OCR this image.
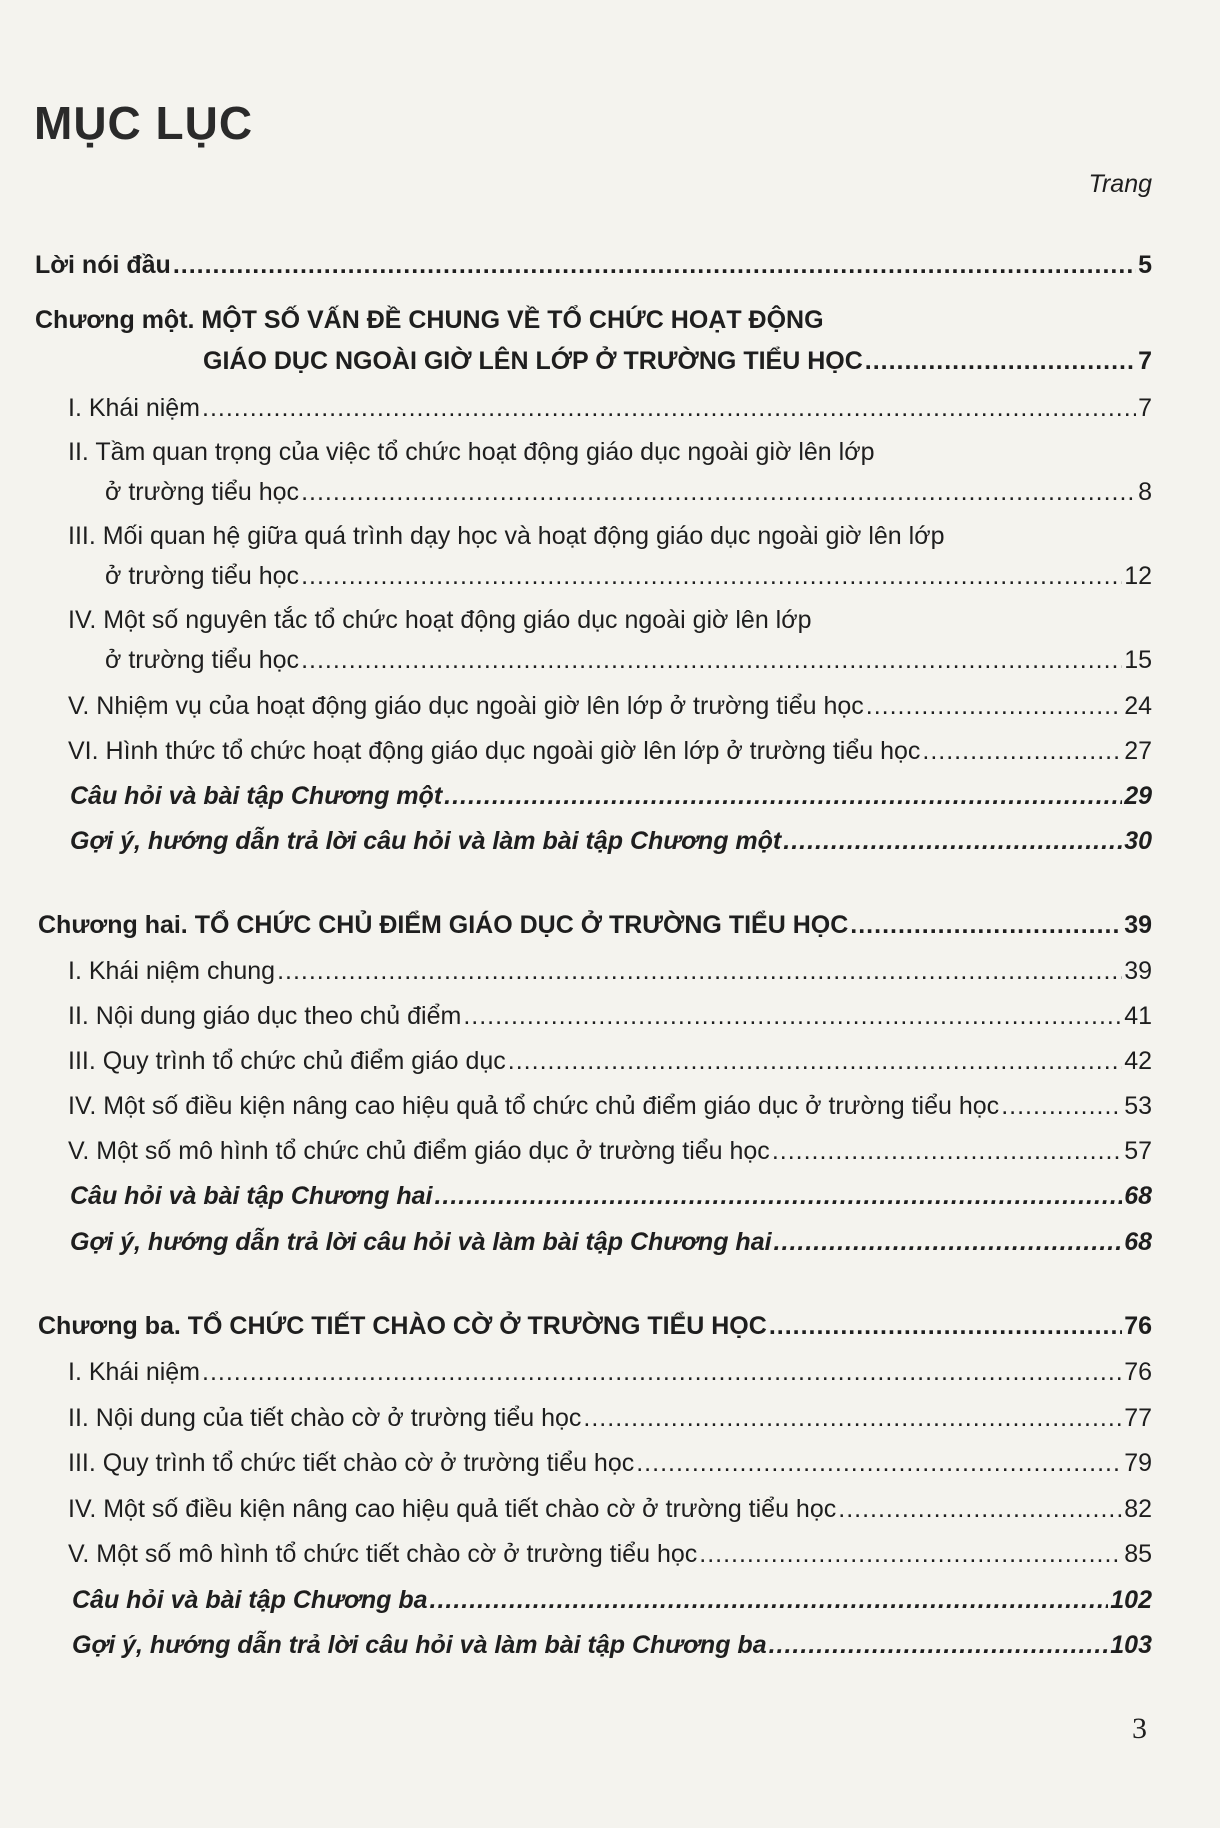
MỤC LỤC
Trang
Lời nói đầu .....	5
Chương một. MỘT SỐ VẤN ĐỀ CHUNG VỀ TỔ CHỨC HOẠT ĐỘNG
GIÁO DỤC NGOÀI GIỜ LÊN LỚP Ở TRƯỜNG TIỂU HỌC .....	7
I. Khái niệm .....	7
II. Tầm quan trọng của việc tổ chức hoạt động giáo dục ngoài giờ lên lớp
ở trường tiểu học .....	8
III. Mối quan hệ giữa quá trình dạy học và hoạt động giáo dục ngoài giờ lên lớp
ở trường tiểu học .....	12
IV. Một số nguyên tắc tổ chức hoạt động giáo dục ngoài giờ lên lớp
ở trường tiểu học .....	15
V. Nhiệm vụ của hoạt động giáo dục ngoài giờ lên lớp ở trường tiểu học .....	24
VI. Hình thức tổ chức hoạt động giáo dục ngoài giờ lên lớp ở trường tiểu học .....	27
Câu hỏi và bài tập Chương một .....	29
Gợi ý, hướng dẫn trả lời câu hỏi và làm bài tập Chương một .....	30
Chương hai. TỔ CHỨC CHỦ ĐIỂM GIÁO DỤC Ở TRƯỜNG TIỂU HỌC .....	39
I. Khái niệm chung .....	39
II. Nội dung giáo dục theo chủ điểm .....	41
III. Quy trình tổ chức chủ điểm giáo dục .....	42
IV. Một số điều kiện nâng cao hiệu quả tổ chức chủ điểm giáo dục ở trường tiểu học .....	53
V. Một số mô hình tổ chức chủ điểm giáo dục ở trường tiểu học .....	57
Câu hỏi và bài tập Chương hai .....	68
Gợi ý, hướng dẫn trả lời câu hỏi và làm bài tập Chương hai .....	68
Chương ba. TỔ CHỨC TIẾT CHÀO CỜ Ở TRƯỜNG TIỂU HỌC .....	76
I. Khái niệm .....	76
II. Nội dung của tiết chào cờ ở trường tiểu học .....	77
III. Quy trình tổ chức tiết chào cờ ở trường tiểu học .....	79
IV. Một số điều kiện nâng cao hiệu quả tiết chào cờ ở trường tiểu học .....	82
V. Một số mô hình tổ chức tiết chào cờ ở trường tiểu học .....	85
Câu hỏi và bài tập Chương ba .....	102
Gợi ý, hướng dẫn trả lời câu hỏi và làm bài tập Chương ba .....	103
3
